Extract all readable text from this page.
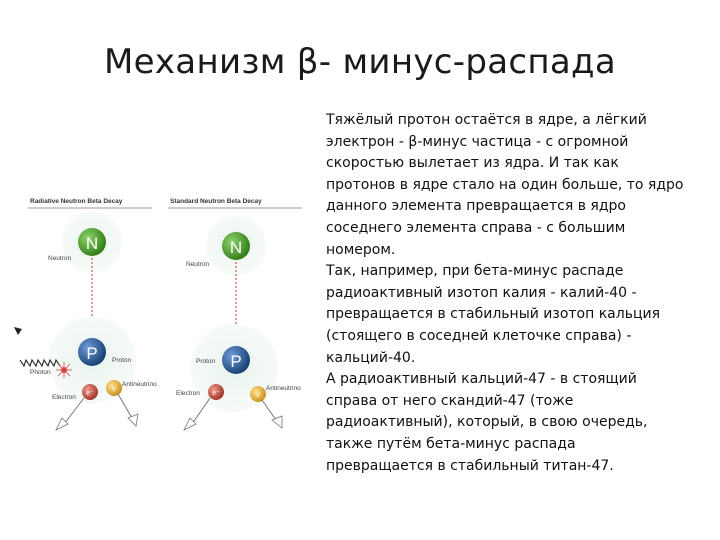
Механизм β- минус-распада
Radiative Neutron Beta Decay
N
Neutron
P Proton
Photon
e⁻
Electron
ν Antineutrino
Standard Neutron Beta Decay
N
Neutron
P
Proton
e⁻
Electron	ν
Antineutrino

Тяжёлый протон остаётся в ядре, а лёгкий электрон - β-минус частица - с огромной скоростью вылетает из ядра. И так как протонов в ядре стало на один больше, то ядро данного элемента превращается в ядро соседнего элемента справа - с большим номером.

Так, например, при бета-минус распаде радиоактивный изотоп калия - калий-40 - превращается в стабильный изотоп кальция (стоящего в соседней клеточке справа) - кальций-40.

А радиоактивный кальций-47 - в стоящий справа от него скандий-47 (тоже радиоактивный), который, в свою очередь, также путём бета-минус распада превращается в стабильный титан-47.
